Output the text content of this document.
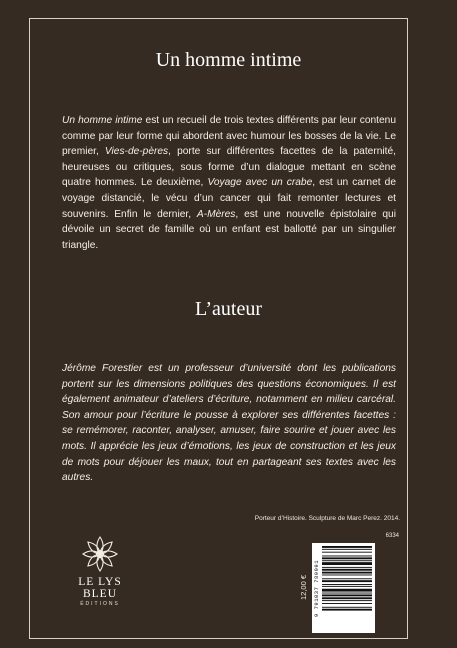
Un homme intime
Un homme intime est un recueil de trois textes différents par leur contenu comme par leur forme qui abordent avec humour les bosses de la vie. Le premier, Vies-de-pères, porte sur différentes facettes de la paternité, heureuses ou critiques, sous forme d’un dialogue mettant en scène quatre hommes. Le deuxième, Voyage avec un crabe, est un carnet de voyage distancié, le vécu d’un cancer qui fait remonter lectures et souvenirs. Enfin le dernier, A-Mères, est une nouvelle épistolaire qui dévoile un secret de famille où un enfant est ballotté par un singulier triangle.
L’auteur
Jérôme Forestier est un professeur d’université dont les publications portent sur les dimensions politiques des questions économiques. Il est également animateur d’ateliers d’écriture, notamment en milieu carcéral. Son amour pour l’écriture le pousse à explorer ses différentes facettes : se remémorer, raconter, analyser, amuser, faire sourire et jouer avec les mots. Il apprécie les jeux d’émotions, les jeux de construction et les jeux de mots pour déjouer les maux, tout en partageant ses textes avec les autres.
Porteur d’Histoire. Sculpture de Marc Perez. 2014.
LE LYS BLEU
ÉDITIONS
6334
12,00 € 9 791037 789991
